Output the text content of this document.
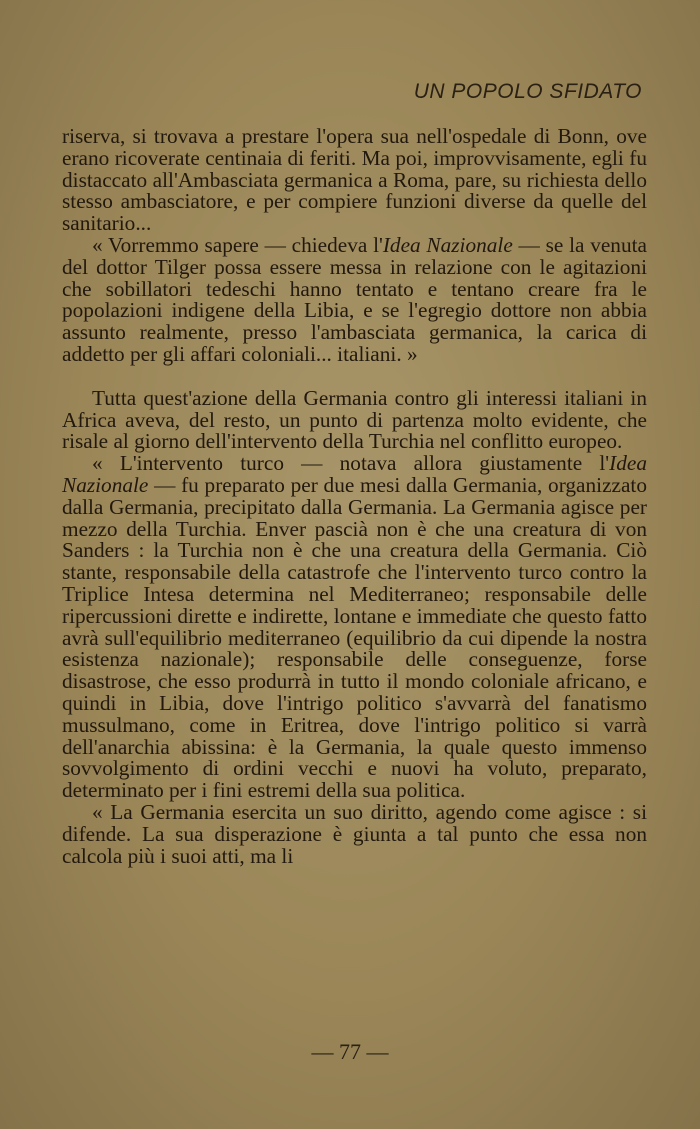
UN POPOLO SFIDATO

riserva, si trovava a prestare l'opera sua nell'ospedale di Bonn, ove erano ricoverate centinaia di feriti. Ma poi, improvvisamente, egli fu distaccato all'Ambasciata germanica a Roma, pare, su richiesta dello stesso ambasciatore, e per compiere funzioni diverse da quelle del sanitario...

« Vorremmo sapere — chiedeva l'Idea Nazionale — se la venuta del dottor Tilger possa essere messa in relazione con le agitazioni che sobillatori tedeschi hanno tentato e tentano creare fra le popolazioni indigene della Libia, e se l'egregio dottore non abbia assunto realmente, presso l'ambasciata germanica, la carica di addetto per gli affari coloniali... italiani. »

Tutta quest'azione della Germania contro gli interessi italiani in Africa aveva, del resto, un punto di partenza molto evidente, che risale al giorno dell'intervento della Turchia nel conflitto europeo.

« L'intervento turco — notava allora giustamente l'Idea Nazionale — fu preparato per due mesi dalla Germania, organizzato dalla Germania, precipitato dalla Germania. La Germania agisce per mezzo della Turchia. Enver pascià non è che una creatura di von Sanders : la Turchia non è che una creatura della Germania. Ciò stante, responsabile della catastrofe che l'intervento turco contro la Triplice Intesa determina nel Mediterraneo; responsabile delle ripercussioni dirette e indirette, lontane e immediate che questo fatto avrà sull'equilibrio mediterraneo (equilibrio da cui dipende la nostra esistenza nazionale); responsabile delle conseguenze, forse disastrose, che esso produrrà in tutto il mondo coloniale africano, e quindi in Libia, dove l'intrigo politico s'avvarrà del fanatismo mussulmano, come in Eritrea, dove l'intrigo politico si varrà dell'anarchia abissina: è la Germania, la quale questo immenso sovvolgimento di ordini vecchi e nuovi ha voluto, preparato, determinato per i fini estremi della sua politica.

« La Germania esercita un suo diritto, agendo come agisce : si difende. La sua disperazione è giunta a tal punto che essa non calcola più i suoi atti, ma li

— 77 —
